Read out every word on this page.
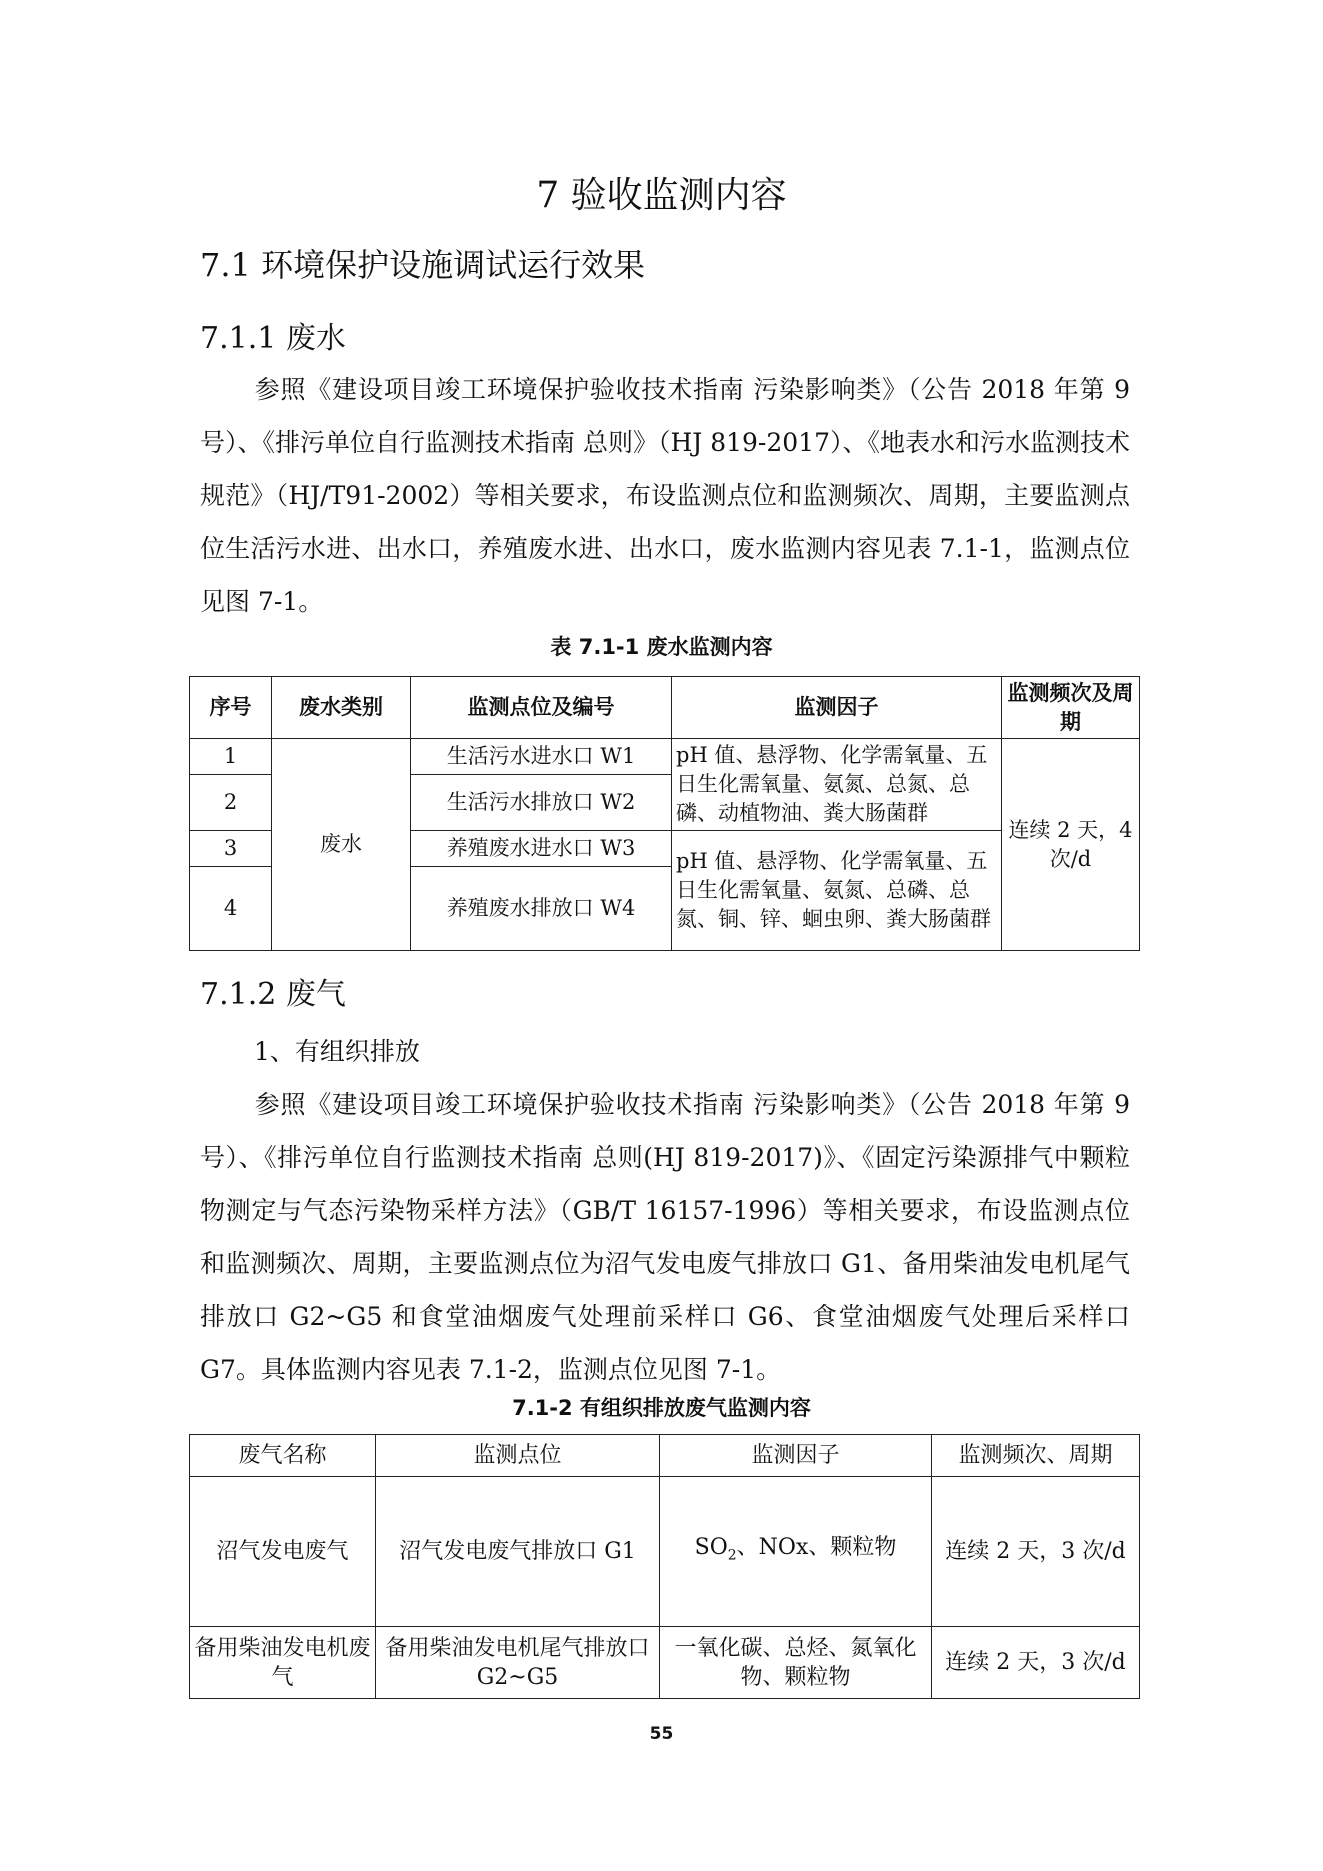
7 验收监测内容
7.1 环境保护设施调试运行效果
7.1.1 废水

参照《建设项目竣工环境保护验收技术指南 污染影响类》（公告 2018 年第 9 号）、《排污单位自行监测技术指南 总则》（HJ 819-2017）、《地表水和污水监测技术规范》（HJ/T91-2002）等相关要求，布设监测点位和监测频次、周期，主要监测点位生活污水进、出水口，养殖废水进、出水口，废水监测内容见表 7.1-1，监测点位见图 7-1。

表 7.1-1 废水监测内容
序号	废水类别	监测点位及编号	监测因子	监测频次及周期
1	废水	生活污水进水口 W1	pH 值、悬浮物、化学需氧量、五日生化需氧量、氨氮、总氮、总磷、动植物油、粪大肠菌群	连续 2 天，4 次/d
2		生活污水排放口 W2		
3		养殖废水进水口 W3	pH 值、悬浮物、化学需氧量、五日生化需氧量、氨氮、总磷、总氮、铜、锌、蛔虫卵、粪大肠菌群	
4		养殖废水排放口 W4		
7.1.2 废气

1、有组织排放

参照《建设项目竣工环境保护验收技术指南 污染影响类》（公告 2018 年第 9 号）、《排污单位自行监测技术指南 总则(HJ 819-2017)》、《固定污染源排气中颗粒物测定与气态污染物采样方法》（GB/T 16157-1996）等相关要求，布设监测点位和监测频次、周期，主要监测点位为沼气发电废气排放口 G1、备用柴油发电机尾气排放口 G2~G5 和食堂油烟废气处理前采样口 G6、食堂油烟废气处理后采样口 G7。具体监测内容见表 7.1-2，监测点位见图 7-1。

7.1-2 有组织排放废气监测内容
废气名称	监测点位	监测因子	监测频次、周期
沼气发电废气	沼气发电废气排放口 G1	$SO_2$、NOx、颗粒物	连续 2 天，3 次/d
备用柴油发电机废气	备用柴油发电机尾气排放口 G2~G5	一氧化碳、总烃、氮氧化物、颗粒物	连续 2 天，3 次/d
55
